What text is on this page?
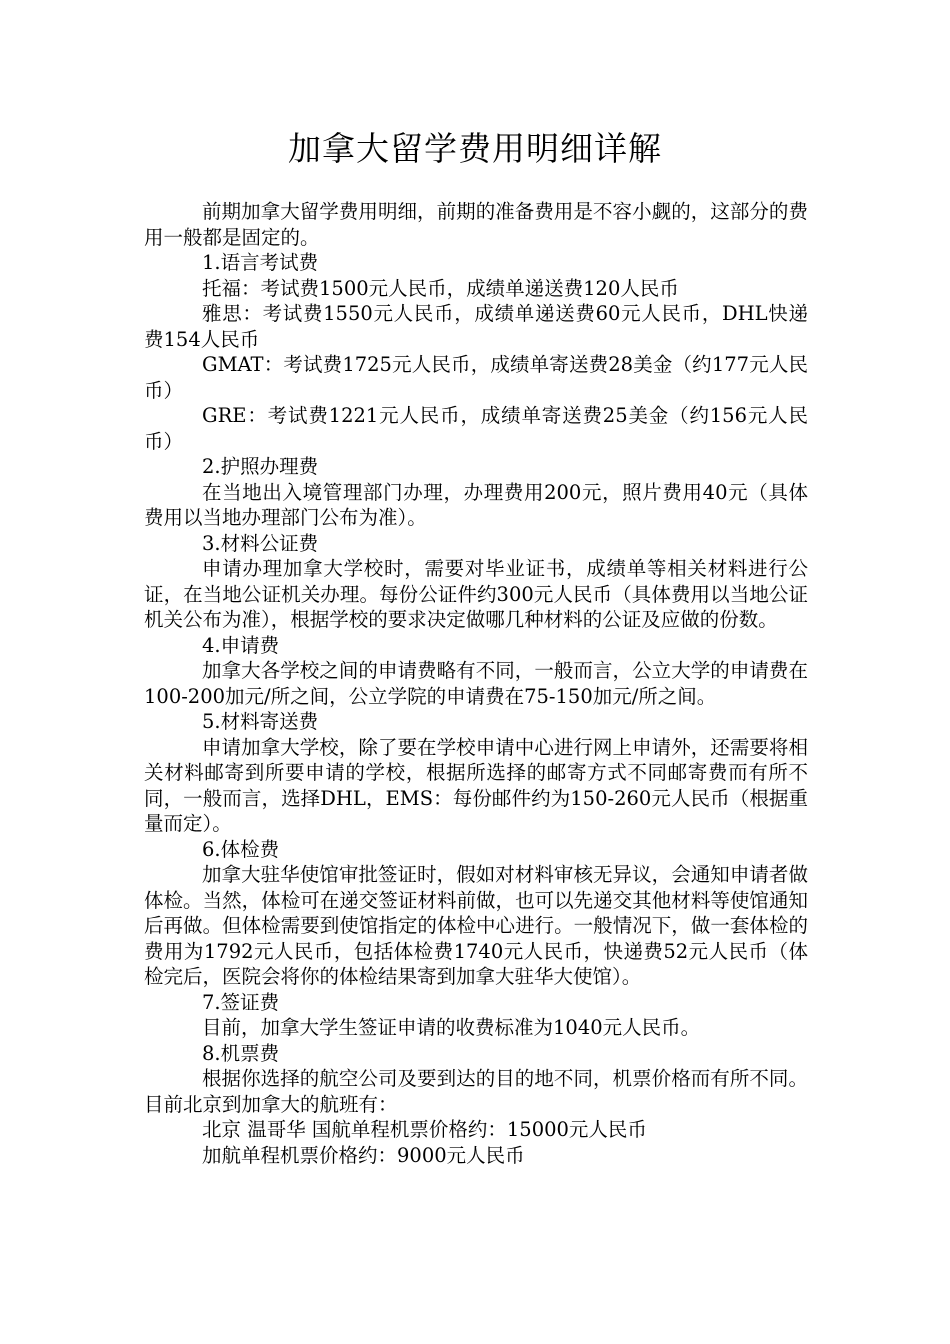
加拿大留学费用明细详解

前期加拿大留学费用明细，前期的准备费用是不容小觑的，这部分的费用一般都是固定的。

1.语言考试费

托福：考试费1500元人民币，成绩单递送费120人民币

雅思：考试费1550元人民币，成绩单递送费60元人民币，DHL快递费154人民币

GMAT：考试费1725元人民币，成绩单寄送费28美金（约177元人民币）

GRE：考试费1221元人民币，成绩单寄送费25美金（约156元人民币）

2.护照办理费

在当地出入境管理部门办理，办理费用200元，照片费用40元（具体费用以当地办理部门公布为准）。

3.材料公证费

申请办理加拿大学校时，需要对毕业证书，成绩单等相关材料进行公证，在当地公证机关办理。每份公证件约300元人民币（具体费用以当地公证机关公布为准），根据学校的要求决定做哪几种材料的公证及应做的份数。

4.申请费

加拿大各学校之间的申请费略有不同，一般而言，公立大学的申请费在100-200加元/所之间，公立学院的申请费在75-150加元/所之间。

5.材料寄送费

申请加拿大学校，除了要在学校申请中心进行网上申请外，还需要将相关材料邮寄到所要申请的学校，根据所选择的邮寄方式不同邮寄费而有所不同，一般而言，选择DHL，EMS：每份邮件约为150-260元人民币（根据重量而定）。

6.体检费

加拿大驻华使馆审批签证时，假如对材料审核无异议，会通知申请者做体检。当然，体检可在递交签证材料前做，也可以先递交其他材料等使馆通知后再做。但体检需要到使馆指定的体检中心进行。一般情况下，做一套体检的费用为1792元人民币，包括体检费1740元人民币，快递费52元人民币（体检完后，医院会将你的体检结果寄到加拿大驻华大使馆）。

7.签证费

目前，加拿大学生签证申请的收费标准为1040元人民币。

8.机票费

根据你选择的航空公司及要到达的目的地不同，机票价格而有所不同。目前北京到加拿大的航班有：

北京 温哥华 国航单程机票价格约：15000元人民币

加航单程机票价格约：9000元人民币
